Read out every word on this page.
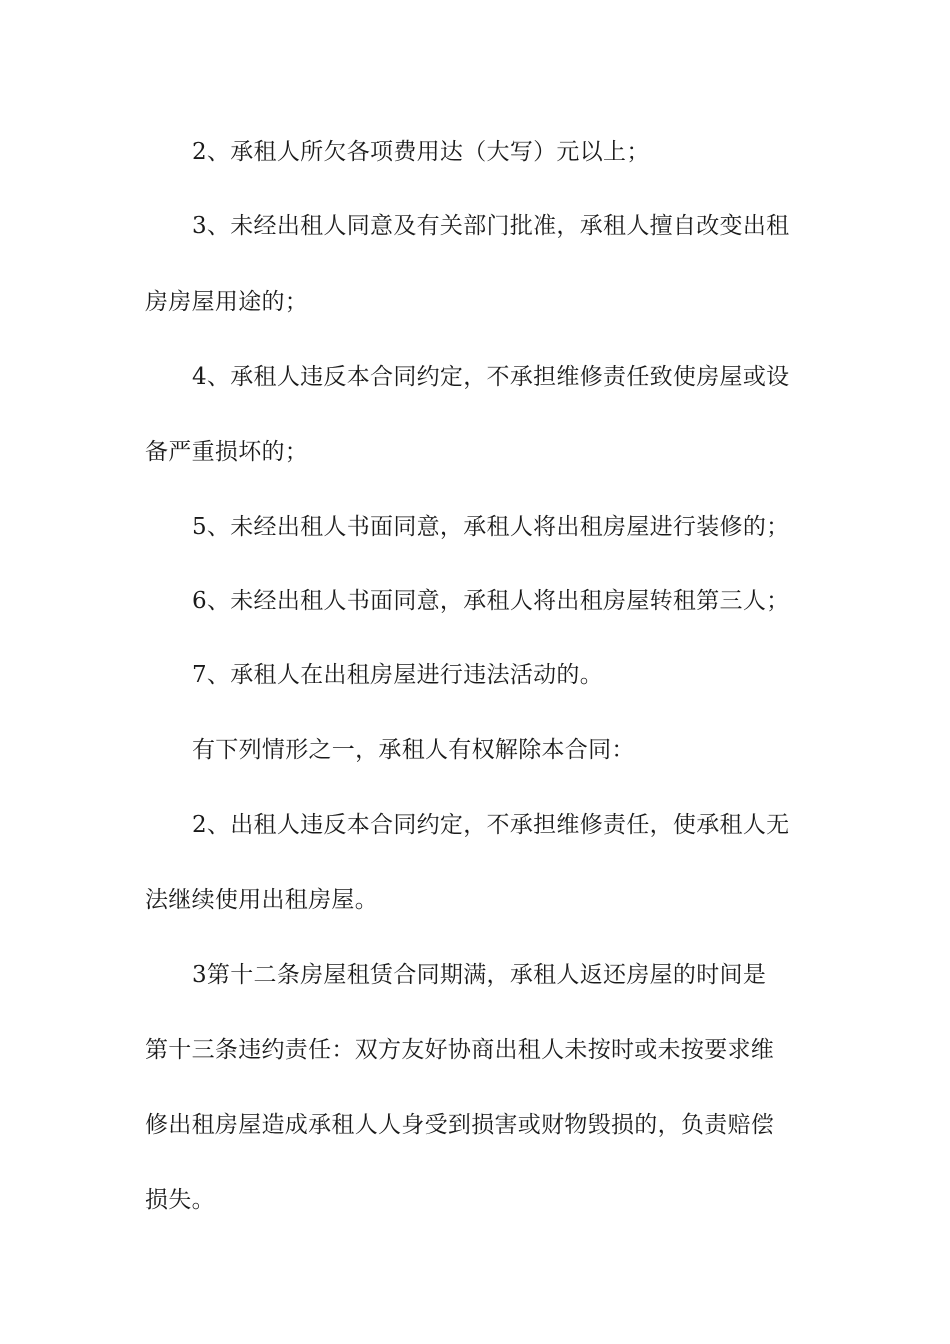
2、承租人所欠各项费用达（大写）元以上；
3、未经出租人同意及有关部门批准，承租人擅自改变出租
房房屋用途的；
4、承租人违反本合同约定，不承担维修责任致使房屋或设
备严重损坏的；
5、未经出租人书面同意，承租人将出租房屋进行装修的；
6、未经出租人书面同意，承租人将出租房屋转租第三人；
7、承租人在出租房屋进行违法活动的。
有下列情形之一，承租人有权解除本合同：
2、出租人违反本合同约定，不承担维修责任，使承租人无
法继续使用出租房屋。
3第十二条房屋租赁合同期满，承租人返还房屋的时间是
第十三条违约责任：双方友好协商出租人未按时或未按要求维
修出租房屋造成承租人人身受到损害或财物毁损的，负责赔偿
损失。
